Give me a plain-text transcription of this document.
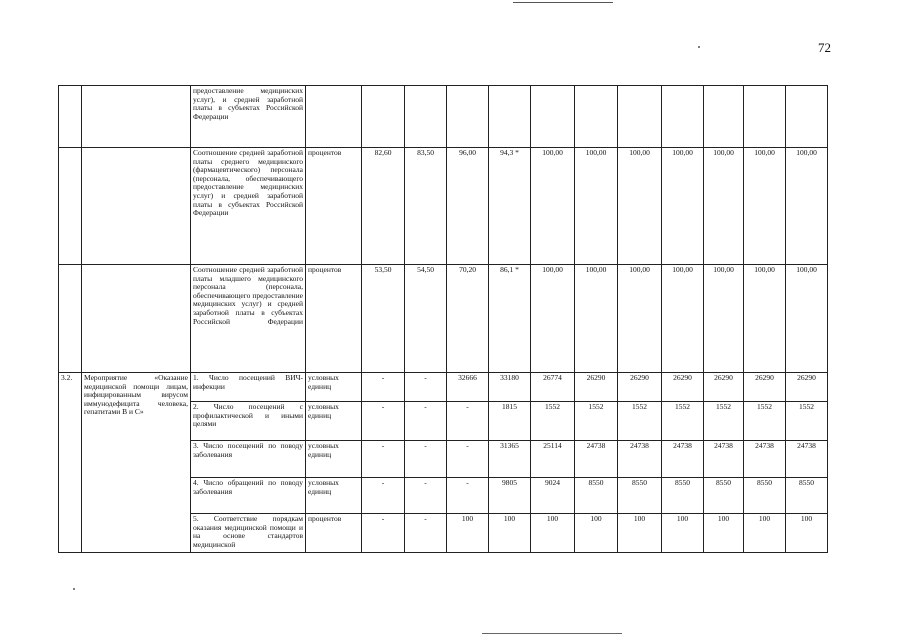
72
		предоставление медицинских услуг), и средней заработной платы в субъектах Российской Федерации												
		Соотношение средней заработной платы среднего медицинского (фармацевтического) персонала (персонала, обеспечивающего предоставление медицинских услуг) и средней заработной платы в субъектах Российской Федерации	процентов	82,60	83,50	96,00	94,3 *	100,00	100,00	100,00	100,00	100,00	100,00	100,00
		Соотношение средней заработной платы младшего медицинского персонала (персонала, обеспечивающего предоставление медицинских услуг) и средней заработной платы в субъектах Российской Федерации	процентов	53,50	54,50	70,20	86,1 *	100,00	100,00	100,00	100,00	100,00	100,00	100,00
3.2.	Мероприятие «Оказание медицинской помощи лицам, инфицированным вирусом иммунодефицита человека, гепатитами B и C»	1. Число посещений ВИЧ-инфекции	условных единиц	-	-	32666	33180	26774	26290	26290	26290	26290	26290	26290
		2. Число посещений с профилактической и иными целями	условных единиц	-	-	-	1815	1552	1552	1552	1552	1552	1552	1552
		3. Число посещений по поводу заболевания	условных единиц	-	-	-	31365	25114	24738	24738	24738	24738	24738	24738
		4. Число обращений по поводу заболевания	условных единиц	-	-	-	9805	9024	8550	8550	8550	8550	8550	8550
		5. Соответствие порядкам оказания медицинской помощи и на основе стандартов медицинской	процентов	-	-	100	100	100	100	100	100	100	100	100
